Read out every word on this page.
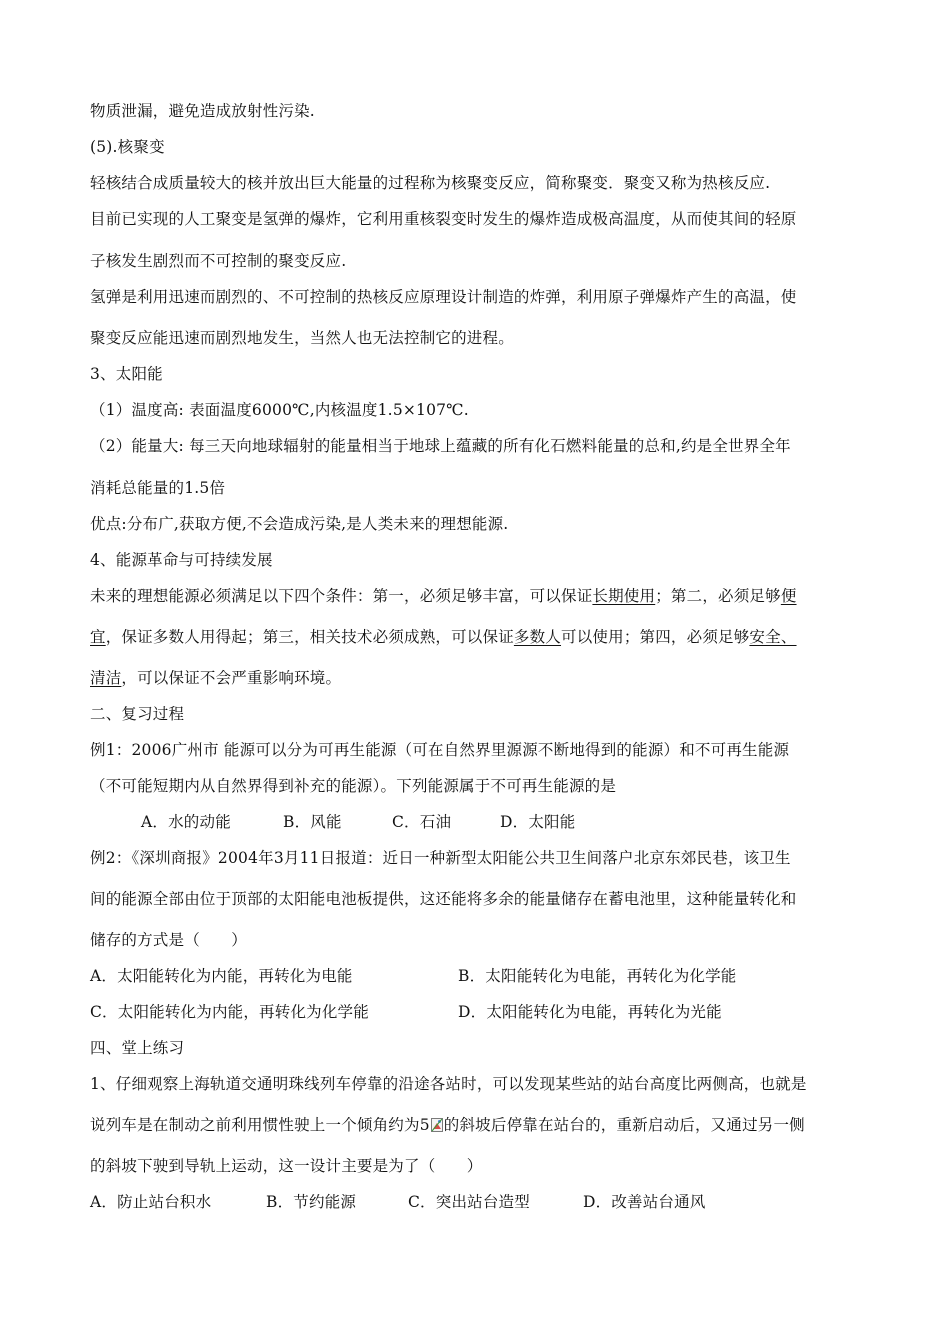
物质泄漏，避免造成放射性污染.
(5).核聚变
轻核结合成质量较大的核并放出巨大能量的过程称为核聚变反应，简称聚变．聚变又称为热核反应.
目前已实现的人工聚变是氢弹的爆炸，它利用重核裂变时发生的爆炸造成极高温度，从而使其间的轻原
子核发生剧烈而不可控制的聚变反应.
氢弹是利用迅速而剧烈的、不可控制的热核反应原理设计制造的炸弹，利用原子弹爆炸产生的高温，使
聚变反应能迅速而剧烈地发生，当然人也无法控制它的进程。
3、太阳能
（1）温度高: 表面温度6000℃,内核温度1.5×107℃.
（2）能量大: 每三天向地球辐射的能量相当于地球上蕴藏的所有化石燃料能量的总和,约是全世界全年
消耗总能量的1.5倍
优点:分布广,获取方便,不会造成污染,是人类未来的理想能源.
4、能源革命与可持续发展
未来的理想能源必须满足以下四个条件：第一，必须足够丰富，可以保证长期使用；第二，必须足够便
宜，保证多数人用得起；第三，相关技术必须成熟，可以保证多数人可以使用；第四，必须足够安全、
清洁，可以保证不会严重影响环境。
二、复习过程
例1：2006广州市 能源可以分为可再生能源（可在自然界里源源不断地得到的能源）和不可再生能源
（不可能短期内从自然界得到补充的能源）。下列能源属于不可再生能源的是
A．水的动能	B．风能	C．石油	D．太阳能
例2：《深圳商报》2004年3月11日报道：近日一种新型太阳能公共卫生间落户北京东郊民巷，该卫生
间的能源全部由位于顶部的太阳能电池板提供，这还能将多余的能量储存在蓄电池里，这种能量转化和
储存的方式是（　　）
A．太阳能转化为内能，再转化为电能	B．太阳能转化为电能，再转化为化学能
C．太阳能转化为内能，再转化为化学能	D．太阳能转化为电能，再转化为光能
四、堂上练习
1、仔细观察上海轨道交通明珠线列车停靠的沿途各站时，可以发现某些站的站台高度比两侧高，也就是
说列车是在制动之前利用惯性驶上一个倾角约为5 的斜坡后停靠在站台的，重新启动后，又通过另一侧
的斜坡下驶到导轨上运动，这一设计主要是为了（　　）
A．防止站台积水	B．节约能源	C．突出站台造型	D．改善站台通风
